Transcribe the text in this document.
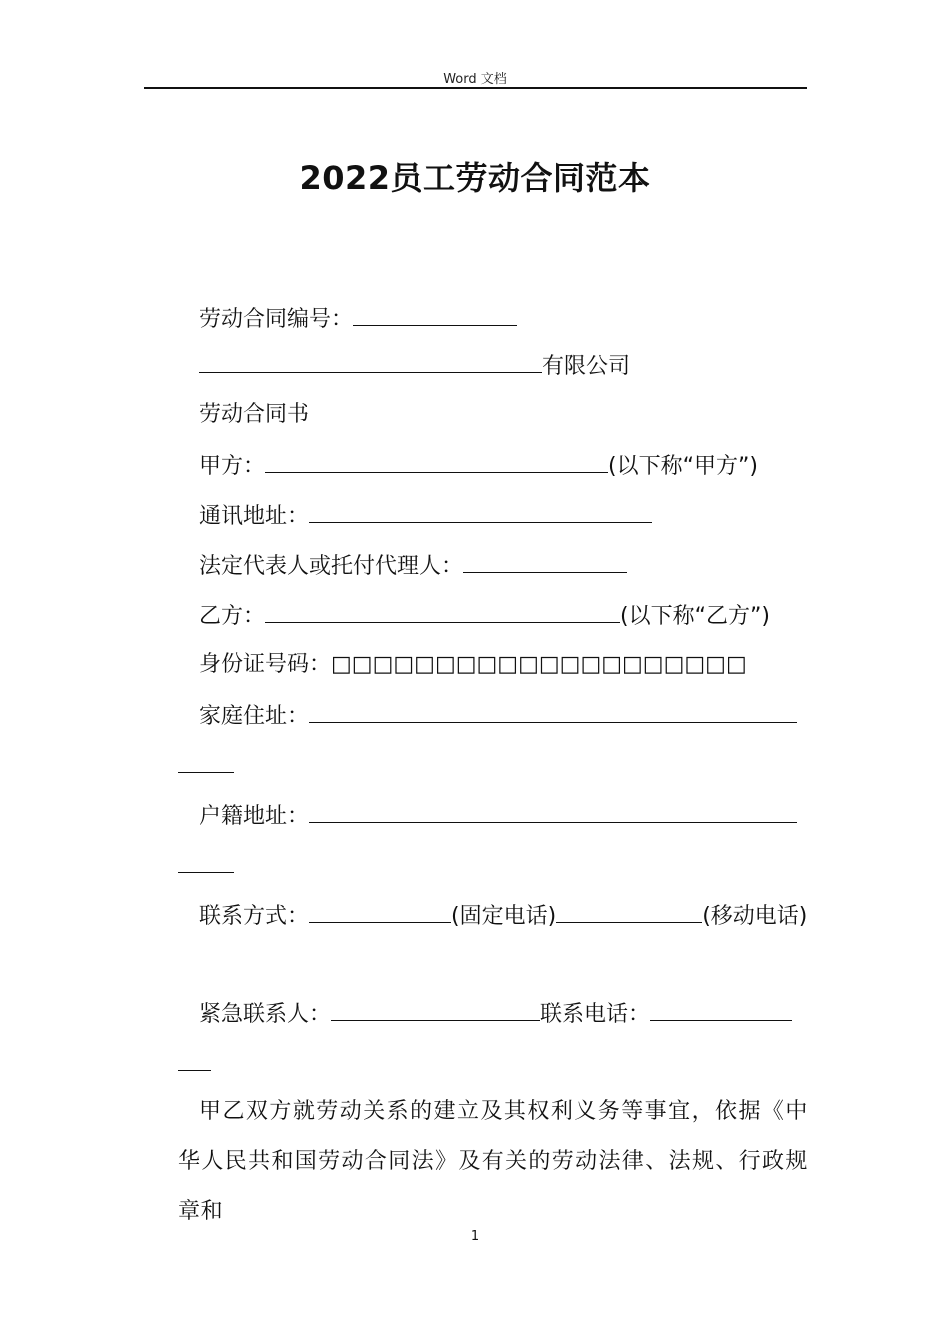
Word 文档
2022员工劳动合同范本
劳动合同编号：
有限公司
劳动合同书
甲方：	(以下称“甲方”)
通讯地址：
法定代表人或托付代理人：
乙方：	(以下称“乙方”)
身份证号码：□□□□□□□□□□□□□□□□□□□□
家庭住址：
户籍地址：
联系方式：	(固定电话)	(移动电话)
紧急联系人：	联系电话：
甲乙双方就劳动关系的建立及其权利义务等事宜，依据《中华人民共和国劳动合同法》及有关的劳动法律、法规、行政规章和
1
